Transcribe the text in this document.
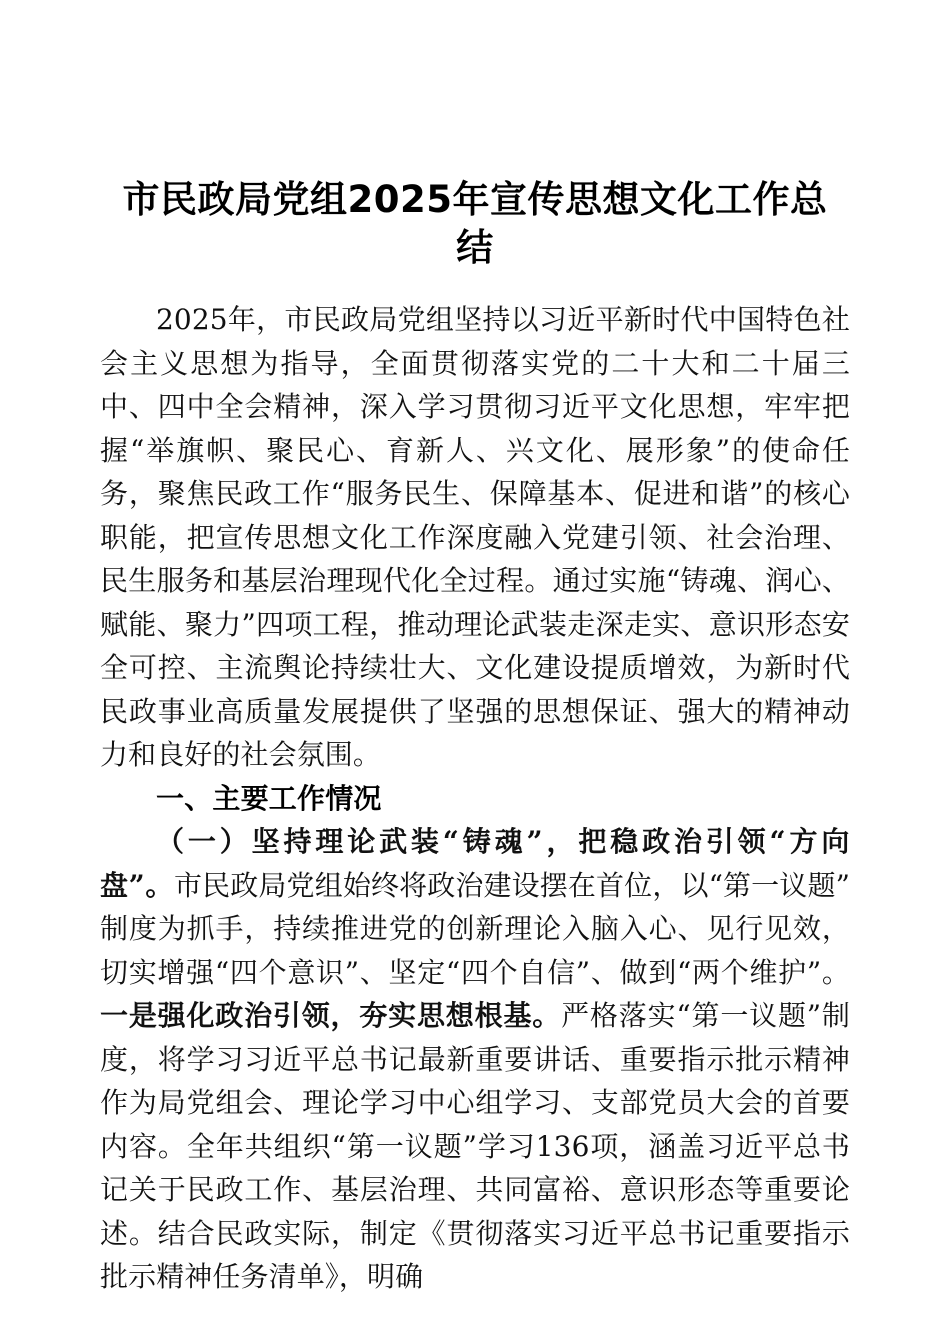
市民政局党组2025年宣传思想文化工作总结

2025年，市民政局党组坚持以习近平新时代中国特色社会主义思想为指导，全面贯彻落实党的二十大和二十届三中、四中全会精神，深入学习贯彻习近平文化思想，牢牢把握“举旗帜、聚民心、育新人、兴文化、展形象”的使命任务，聚焦民政工作“服务民生、保障基本、促进和谐”的核心职能，把宣传思想文化工作深度融入党建引领、社会治理、民生服务和基层治理现代化全过程。通过实施“铸魂、润心、赋能、聚力”四项工程，推动理论武装走深走实、意识形态安全可控、主流舆论持续壮大、文化建设提质增效，为新时代民政事业高质量发展提供了坚强的思想保证、强大的精神动力和良好的社会氛围。

一、主要工作情况

（一）坚持理论武装“铸魂”，把稳政治引领“方向盘”。市民政局党组始终将政治建设摆在首位，以“第一议题”制度为抓手，持续推进党的创新理论入脑入心、见行见效，切实增强“四个意识”、坚定“四个自信”、做到“两个维护”。一是强化政治引领，夯实思想根基。严格落实“第一议题”制度，将学习习近平总书记最新重要讲话、重要指示批示精神作为局党组会、理论学习中心组学习、支部党员大会的首要内容。全年共组织“第一议题”学习136项，涵盖习近平总书记关于民政工作、基层治理、共同富裕、意识形态等重要论述。结合民政实际，制定《贯彻落实习近平总书记重要指示批示精神任务清单》，明确
